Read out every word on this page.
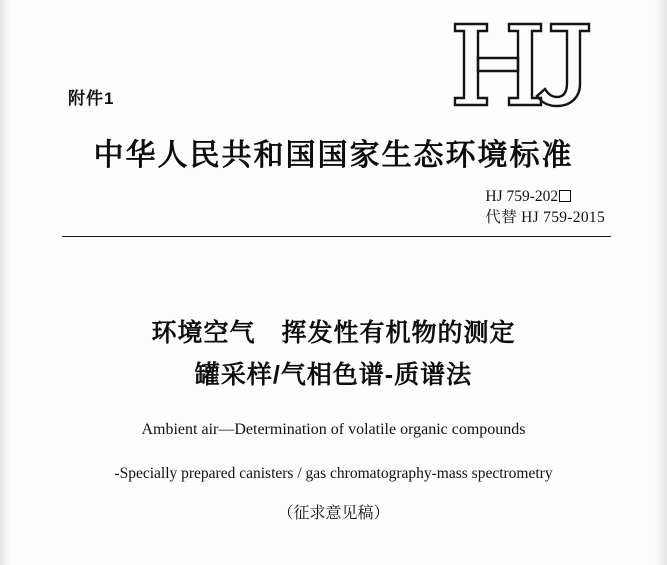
附件1
中华人民共和国国家生态环境标准
HJ 759-202
代替 HJ 759-2015
环境空气 挥发性有机物的测定
罐采样/气相色谱-质谱法
Ambient air—Determination of volatile organic compounds
-Specially prepared canisters / gas chromatography-mass spectrometry
（征求意见稿）
